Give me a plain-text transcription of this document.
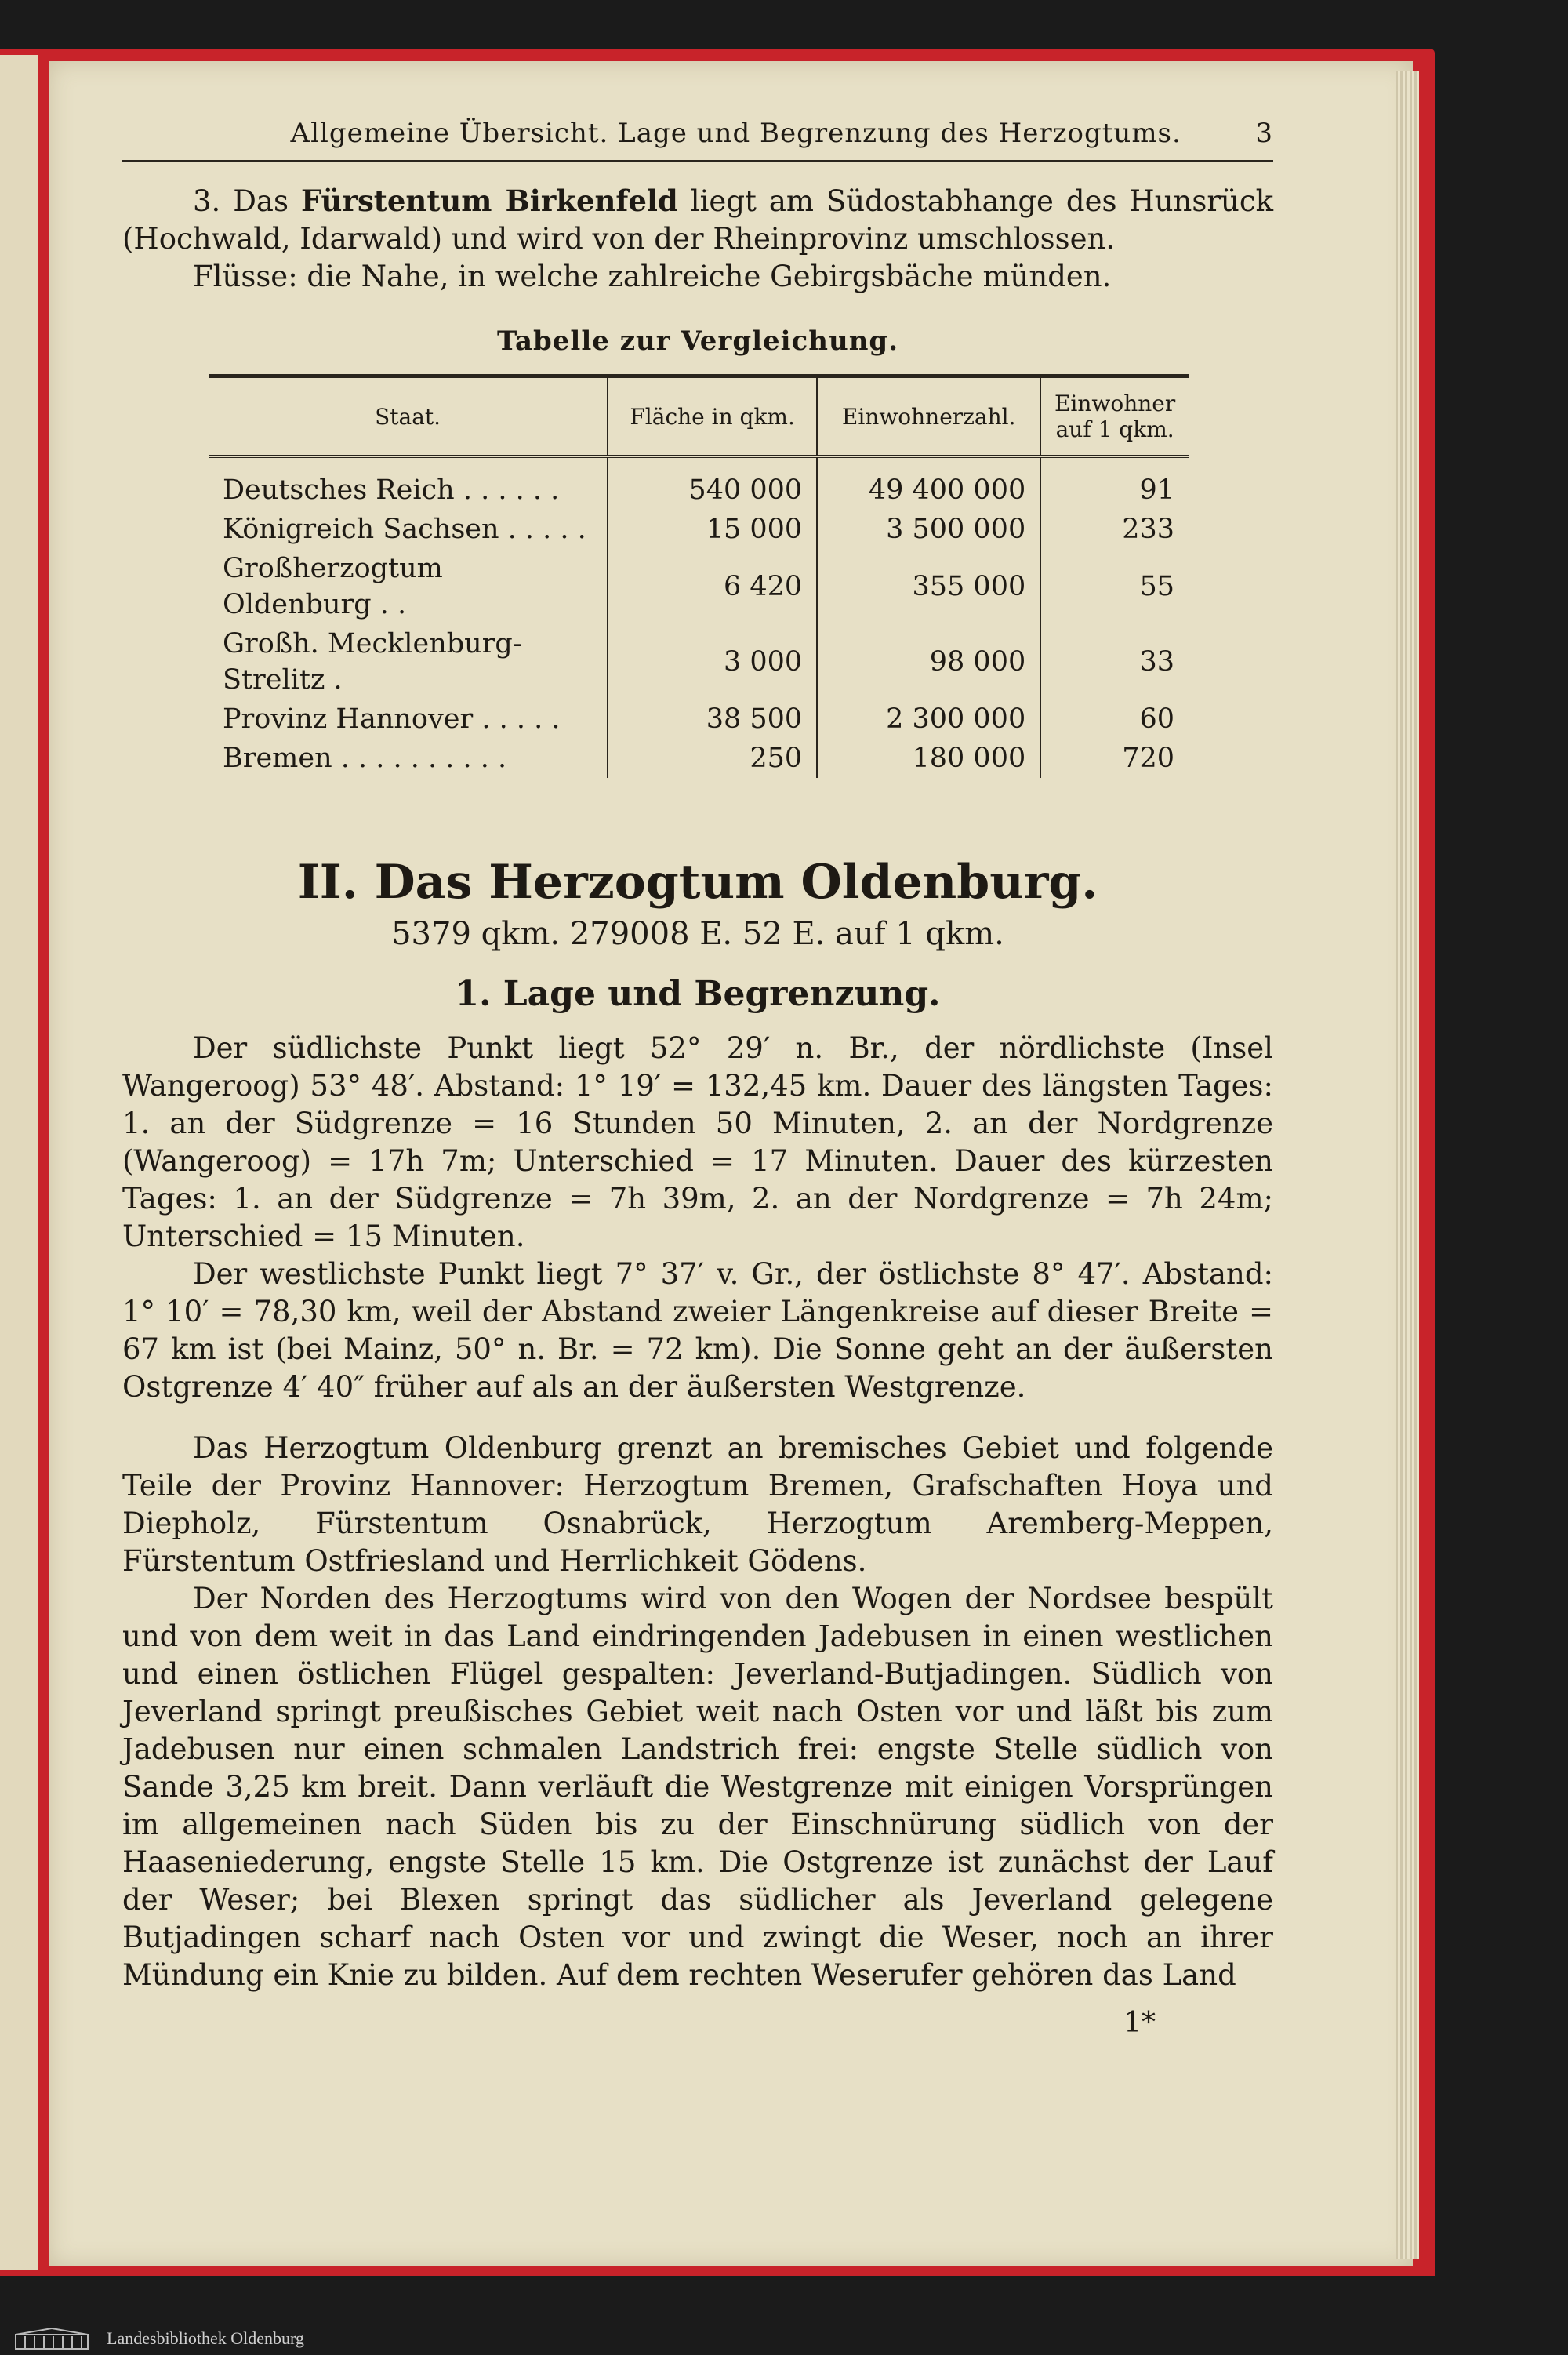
Allgemeine Übersicht. Lage und Begrenzung des Herzogtums.	3

3. Das Fürstentum Birkenfeld liegt am Südostabhange des Hunsrück (Hochwald, Idarwald) und wird von der Rheinprovinz umschlossen.

Flüsse: die Nahe, in welche zahlreiche Gebirgsbäche münden.

Tabelle zur Vergleichung.
Staat.	Fläche in qkm.	Einwohnerzahl.	Einwohner auf 1 qkm.
Deutsches Reich . . . . . .	540 000	49 400 000	91
Königreich Sachsen . . . . .	15 000	3 500 000	233
Großherzogtum Oldenburg . .	6 420	355 000	55
Großh. Mecklenburg-Strelitz .	3 000	98 000	33
Provinz Hannover . . . . .	38 500	2 300 000	60
Bremen . . . . . . . . . .	250	180 000	720
II. Das Herzogtum Oldenburg.
5379 qkm. 279008 E. 52 E. auf 1 qkm.
1. Lage und Begrenzung.

Der südlichste Punkt liegt 52° 29′ n. Br., der nördlichste (Insel Wangeroog) 53° 48′. Abstand: 1° 19′ = 132,45 km. Dauer des längsten Tages: 1. an der Südgrenze = 16 Stunden 50 Minuten, 2. an der Nordgrenze (Wangeroog) = 17h 7m; Unterschied = 17 Minuten. Dauer des kürzesten Tages: 1. an der Südgrenze = 7h 39m, 2. an der Nordgrenze = 7h 24m; Unterschied = 15 Minuten.

Der westlichste Punkt liegt 7° 37′ v. Gr., der östlichste 8° 47′. Abstand: 1° 10′ = 78,30 km, weil der Abstand zweier Längenkreise auf dieser Breite = 67 km ist (bei Mainz, 50° n. Br. = 72 km). Die Sonne geht an der äußersten Ostgrenze 4′ 40″ früher auf als an der äußersten Westgrenze.

Das Herzogtum Oldenburg grenzt an bremisches Gebiet und folgende Teile der Provinz Hannover: Herzogtum Bremen, Grafschaften Hoya und Diepholz, Fürstentum Osnabrück, Herzogtum Aremberg-Meppen, Fürstentum Ostfriesland und Herrlichkeit Gödens.

Der Norden des Herzogtums wird von den Wogen der Nordsee bespült und von dem weit in das Land eindringenden Jadebusen in einen westlichen und einen östlichen Flügel gespalten: Jeverland-Butjadingen. Südlich von Jeverland springt preußisches Gebiet weit nach Osten vor und läßt bis zum Jadebusen nur einen schmalen Landstrich frei: engste Stelle südlich von Sande 3,25 km breit. Dann verläuft die Westgrenze mit einigen Vorsprüngen im allgemeinen nach Süden bis zu der Einschnürung südlich von der Haaseniederung, engste Stelle 15 km. Die Ostgrenze ist zunächst der Lauf der Weser; bei Blexen springt das südlicher als Jeverland gelegene Butjadingen scharf nach Osten vor und zwingt die Weser, noch an ihrer Mündung ein Knie zu bilden. Auf dem rechten Weserufer gehören das Land

1*
Landesbibliothek Oldenburg
